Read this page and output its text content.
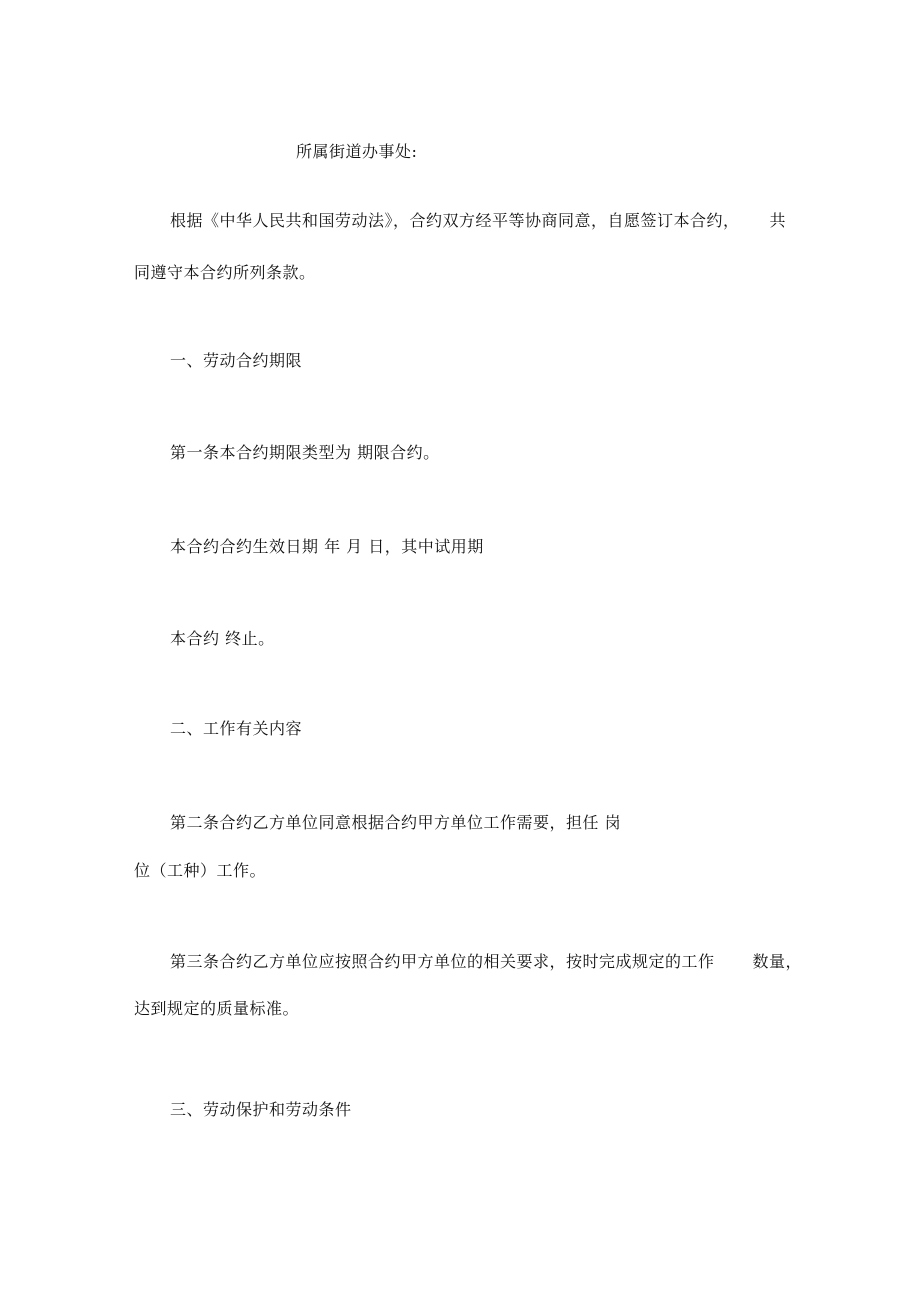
所属街道办事处:
根据《中华人民共和国劳动法》，合约双方经平等协商同意，自愿签订本合约， 共
同遵守本合约所列条款。
一、劳动合约期限
第一条本合约期限类型为 期限合约。
本合约合约生效日期 年 月 日，其中试用期
本合约 终止。
二、工作有关内容
第二条合约乙方单位同意根据合约甲方单位工作需要，担任 岗
位（工种）工作。
第三条合约乙方单位应按照合约甲方单位的相关要求，按时完成规定的工作 数量，
达到规定的质量标准。
三、劳动保护和劳动条件
